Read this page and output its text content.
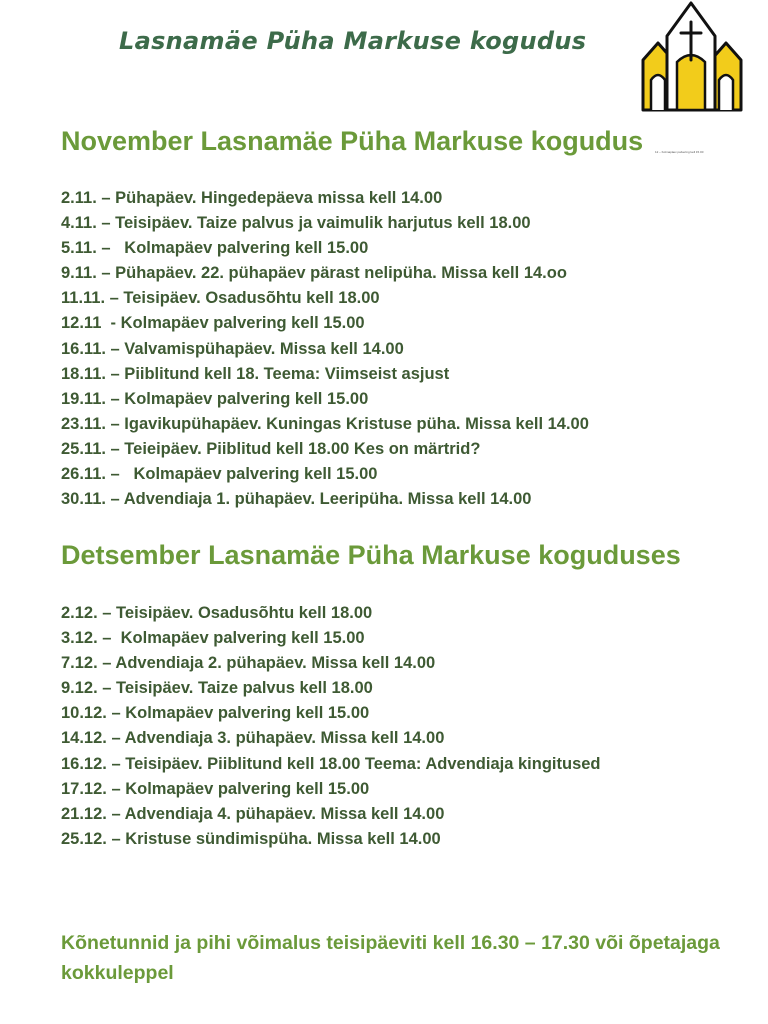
Lasnamäe Püha Markuse kogudus
November Lasnamäe Püha Markuse kogudus	12 – Kolmapäev palvering kell 15.00
2.11. – Pühapäev. Hingedepäeva missa kell 14.00
4.11. – Teisipäev. Taize palvus ja vaimulik harjutus kell 18.00
5.11. –   Kolmapäev palvering kell 15.00
9.11. – Pühapäev. 22. pühapäev pärast nelipüha. Missa kell 14.oo
11.11. – Teisipäev. Osadusõhtu kell 18.00
12.11  - Kolmapäev palvering kell 15.00
16.11. – Valvamispühapäev. Missa kell 14.00
18.11. – Piiblitund kell 18. Teema: Viimseist asjust
19.11. – Kolmapäev palvering kell 15.00
23.11. – Igavikupühapäev. Kuningas Kristuse püha. Missa kell 14.00
25.11. – Teieipäev. Piiblitud kell 18.00 Kes on märtrid?
26.11. –   Kolmapäev palvering kell 15.00
30.11. – Advendiaja 1. pühapäev. Leeripüha. Missa kell 14.00
Detsember Lasnamäe Püha Markuse koguduses
2.12. – Teisipäev. Osadusõhtu kell 18.00
3.12. –  Kolmapäev palvering kell 15.00
7.12. – Advendiaja 2. pühapäev. Missa kell 14.00
9.12. – Teisipäev. Taize palvus kell 18.00
10.12. – Kolmapäev palvering kell 15.00
14.12. – Advendiaja 3. pühapäev. Missa kell 14.00
16.12. – Teisipäev. Piiblitund kell 18.00 Teema: Advendiaja kingitused
17.12. – Kolmapäev palvering kell 15.00
21.12. – Advendiaja 4. pühapäev. Missa kell 14.00
25.12. – Kristuse sündimispüha. Missa kell 14.00
Kõnetunnid ja pihi võimalus teisipäeviti kell 16.30 – 17.30 või õpetajaga kokkuleppel
